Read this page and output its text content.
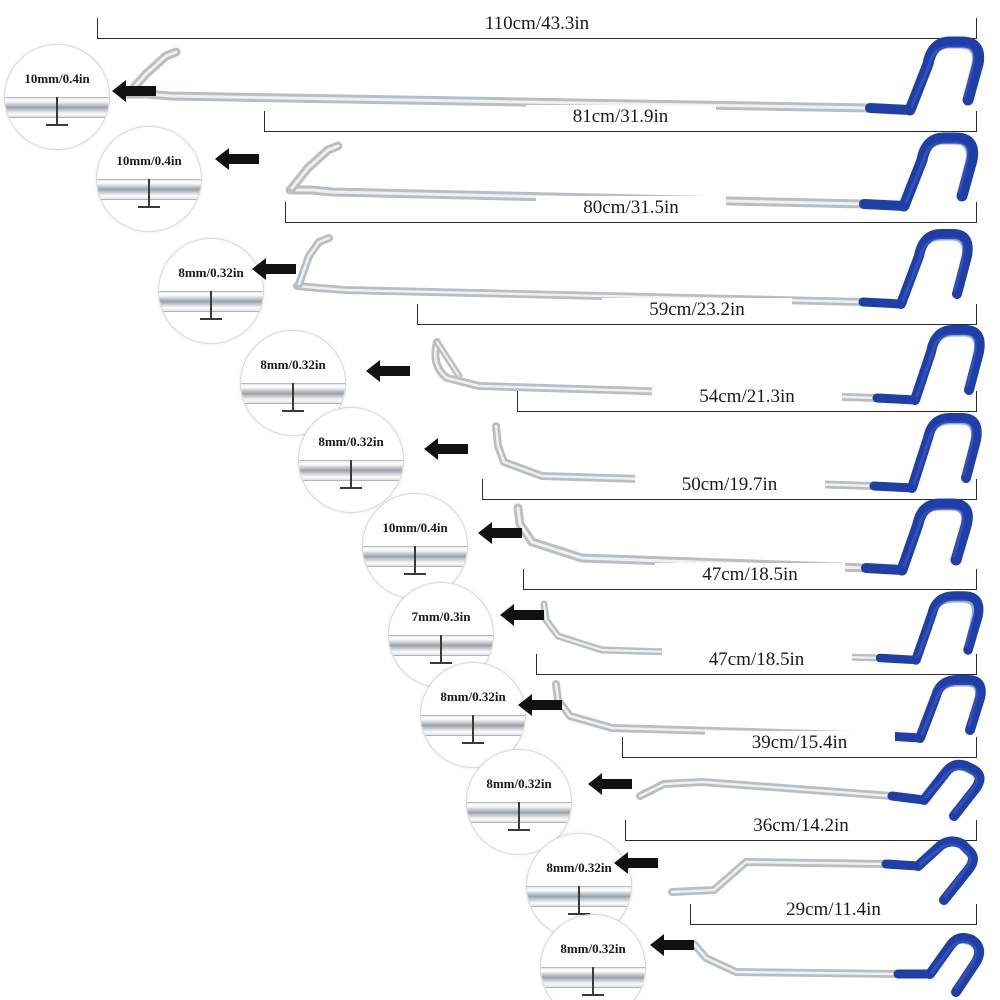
110cm/43.3in
10mm/0.4in
81cm/31.9in
10mm/0.4in
80cm/31.5in
8mm/0.32in
59cm/23.2in
8mm/0.32in
54cm/21.3in
8mm/0.32in
50cm/19.7in
10mm/0.4in
47cm/18.5in
7mm/0.3in
47cm/18.5in
8mm/0.32in
39cm/15.4in
8mm/0.32in
36cm/14.2in
8mm/0.32in
29cm/11.4in
8mm/0.32in
